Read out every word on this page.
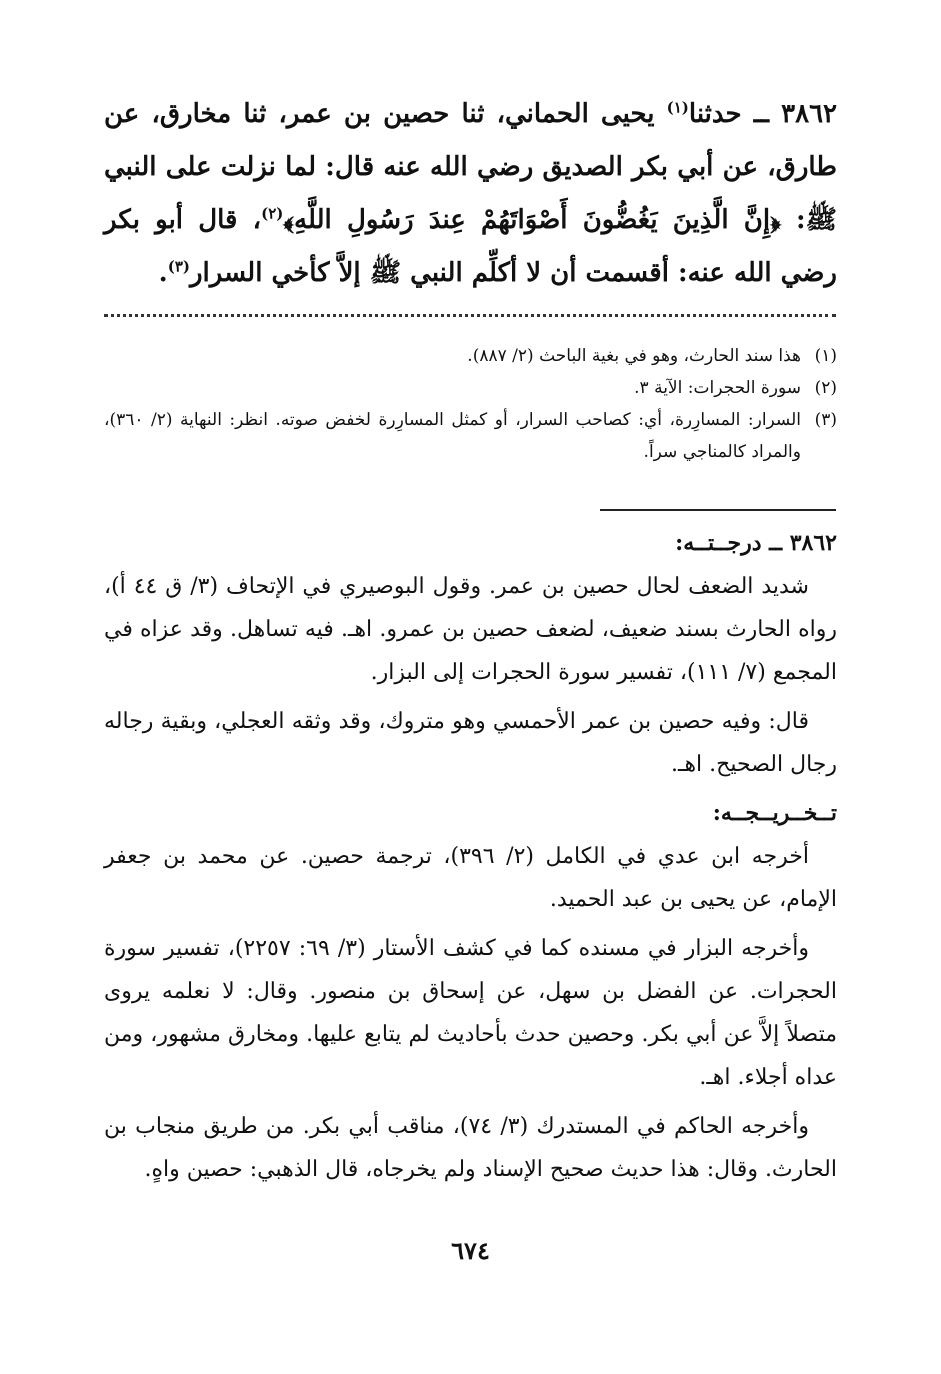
٣٨٦٢ ــ حدثنا$^{(١)}$ يحيى الحماني، ثنا حصين بن عمر، ثنا مخارق، عن طارق، عن أبي بكر الصديق رضي الله عنه قال: لما نزلت على النبي ﷺ: ﴿إِنَّ الَّذِينَ يَغُضُّونَ أَصْوَاتَهُمْ عِندَ رَسُولِ اللَّهِ﴾$^{(٢)}$، قال أبو بكر رضي الله عنه: أقسمت أن لا أكلِّم النبي ﷺ إلاَّ كأخي السرار$^{(٣)}$.

(١)
هذا سند الحارث، وهو في بغية الباحث (٢/ ٨٨٧).

(٢)
سورة الحجرات: الآية ٣.

(٣)
السرار: المسارِرة، أي: كصاحب السرار، أو كمثل المسارِرة لخفض صوته. انظر: النهاية (٢/ ٣٦٠)، والمراد كالمناجي سراً.

٣٨٦٢ ــ درجــتــه:

شديد الضعف لحال حصين بن عمر. وقول البوصيري في الإتحاف (٣/ ق ٤٤ أ)، رواه الحارث بسند ضعيف، لضعف حصين بن عمرو. اهـ. فيه تساهل. وقد عزاه في المجمع (٧/ ١١١)، تفسير سورة الحجرات إلى البزار.

قال: وفيه حصين بن عمر الأحمسي وهو متروك، وقد وثقه العجلي، وبقية رجاله رجال الصحيح. اهـ.

تــخــريــجــه:

أخرجه ابن عدي في الكامل (٢/ ٣٩٦)، ترجمة حصين. عن محمد بن جعفر الإمام، عن يحيى بن عبد الحميد.

وأخرجه البزار في مسنده كما في كشف الأستار (٣/ ٦٩: ٢٢٥٧)، تفسير سورة الحجرات. عن الفضل بن سهل، عن إسحاق بن منصور. وقال: لا نعلمه يروى متصلاً إلاَّ عن أبي بكر. وحصين حدث بأحاديث لم يتابع عليها. ومخارق مشهور، ومن عداه أجلاء. اهـ.

وأخرجه الحاكم في المستدرك (٣/ ٧٤)، مناقب أبي بكر. من طريق منجاب بن الحارث. وقال: هذا حديث صحيح الإسناد ولم يخرجاه، قال الذهبي: حصين واهٍ.

٦٧٤
